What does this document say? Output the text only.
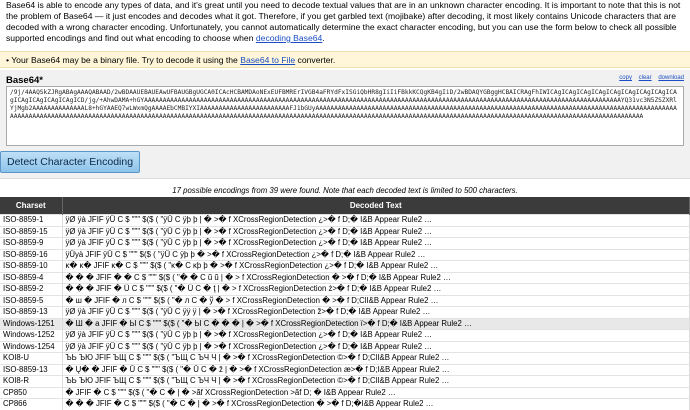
Base64 is able to encode any types of data, and it's great until you need to decode textual values that are in an unknown character encoding. It is important to note that this is not the problem of Base64 — it just encodes and decodes what it got. Therefore, if you get garbled text (mojibake) after decoding, it most likely contains Unicode characters that are decoded with a wrong character encoding. Unfortunately, you cannot automatically determine the exact character encoding, but you can use the form below to check all possible supported encodings and find out what encoding to choose when decoding Base64.

• Your Base64 may be a binary file. Try to decode it using the Base64 to File converter.
Base64*	copy clear download
/9j/4AAQSkZJRgABAgAAAQABAAD/2wBDAAUEBAUEAwUFBAUGBgUGCA0ICAcHCBAMDAoNExEUFBMRErIVGB4aFRYdFxISGiQbHR8gIiIiFBkkKCQgKB4gIiD/2wBDAQYGBggHCBAICRAgFhIWICAgICAgICAgICAgICAgICAgICAgICAgICAgICAgICAgICAgICAgICD/jg/+AhwDAMA+hGYAAAAAAAAAAAAAAAAAAAAAAAAAAAAAAAAAAAAAAAAAAAAAAAAAAAAAAAAAAAAAAAAAAAAAAAAAAAAAAAAAAAAAAAAAAAAAAAAAAAAAAAAAAAAAAAAAAAAAAAAAAAAAAAAYQ31vc3N5ZSZXRlYjMgb2AAAAAAAAAAAAAAL8+hGYAAEQ7wLWxmQgAAAAEbCMBIYXIAAAAAAAAAAAAAAAAAAAAAAAAFJ1bGUyAAAAAAAAAAAAAAAAAAAAAAAAAAAAAAAAAAAAAAAAAAAAAAAAAAAAAAAAAAAAAAAAAAAAAAAAAAAAAAAAAAAAAAAAAAAAAAAAAAAAAAAAAAAAAAAAAAAAAAAAAAAAAAAAAAAAAAAAAAAAAAAAAAAAAAAAAAAAAAAAAAAAAAAAAAAAAAAAAAAAAAAAAAAAAAAAAAAAAAAAAAAAAAAAAAAAAAAAAAAAAAAAAAAAAAAAAAAAAAAAAAAAAAAAAAAAAAAAAAAAAAAAAAA
Detect Character Encoding
17 possible encodings from 39 were found. Note that each decoded text is limited to 500 characters.
Charset	Decoded Text
ISO-8859-1	ÿØ ÿà JFIF ÿÛ C $ """ $($ ( "ÿÛ C ÿþ þ | � >� f XCrossRegionDetection ¿>� f D;� I&B Appear Rule2 …
ISO-8859-15	ÿØ ÿà JFIF ÿÛ C $ """ $($ ( "ÿÛ C ÿþ þ | � >� f XCrossRegionDetection ¿>� f D;� I&B Appear Rule2 …
ISO-8859-9	ÿØ ÿà JFIF ÿÛ C $ """ $($ ( "ÿÛ C ÿþ þ | � >� f XCrossRegionDetection ¿>� f D;� I&B Appear Rule2 …
ISO-8859-16	ÿÛyà JFIF ÿÛ C $ """ $($ ( "ÿÛ C ÿþ þ � >� f XCrossRegionDetection ¿>� f D;� I&B Appear Rule2 …
ISO-8859-10	ĸ� ĸ� JFIF ĸ� C $ """ $($ ( "ĸ� C ĸþ þ � >� f XCrossRegionDetection ¿>� f D;� I&B Appear Rule2 …
ISO-8859-4	� � � JFIF � � C $ """ $($ ( "� � C ũ ũ | � > f XCrossRegionDetection � >� f D;� I&B Appear Rule2 …
ISO-8859-2	� � � JFIF � Ű C $ """ $($ ( "� Ű C � ţ | � > f XCrossRegionDetection ż>� f D;� I&B Appear Rule2 …
ISO-8859-5	� ш � JFIF � л C $ """ $($ ( "� л C � ў � > f XCrossRegionDetection � >� f D;ClI&B Appear Rule2 …
ISO-8859-13	ÿØ ÿà JFIF ÿÛ C $ """ $($ ( "ÿÛ C ÿÿ ÿ | � >� f XCrossRegionDetection ž>� f D;� I&B Appear Rule2 …
Windows-1251	� Ш � а JFIF � Ы C $ """ $($ ( "� Ы C � � � | � >� f XCrossRegionDetection ї>� f D;� I&B Appear Rule2 …
Windows-1252	ÿØ ÿà JFIF ÿÛ C $ """ $($ ( "ÿÛ C ÿþ þ | � >� f XCrossRegionDetection ¿>� f D;� I&B Appear Rule2 …
Windows-1254	ÿØ ÿà JFIF ÿÛ C $ """ $($ ( "ÿÛ C ÿþ þ | � >� f XCrossRegionDetection ¿>� f D;� I&B Appear Rule2 …
KOI8-U	ЪЬ ЪЮ JFIF ЪЩ C $ """ $($ ( "ЪЩ C ЪЧ Ч | � >� f XCrossRegionDetection ©>� f D;ClI&B Appear Rule2 …
ISO-8859-13	� Ų� � JFIF � Ū C $ """ $($ ( "� Ū C � ž | � >� f XCrossRegionDetection æ>� f D;I&B Appear Rule2 …
KOI8-R	ЪЬ ЪЮ JFIF ЪЩ C $ """ $($ ( "ЪЩ C ЪЧ Ч | � >� f XCrossRegionDetection ©>� f D;ClI&B Appear Rule2 …
CP850	� JFIF � C $ """ $($ ( "� C � | � >ãf XCrossRegionDetection >ãf D; � I&B Appear Rule2 …
CP866	� � � JFIF � C $ """ $($ ( "� C � | � >� f XCrossRegionDetection � >� f D;�I&B Appear Rule2 …
